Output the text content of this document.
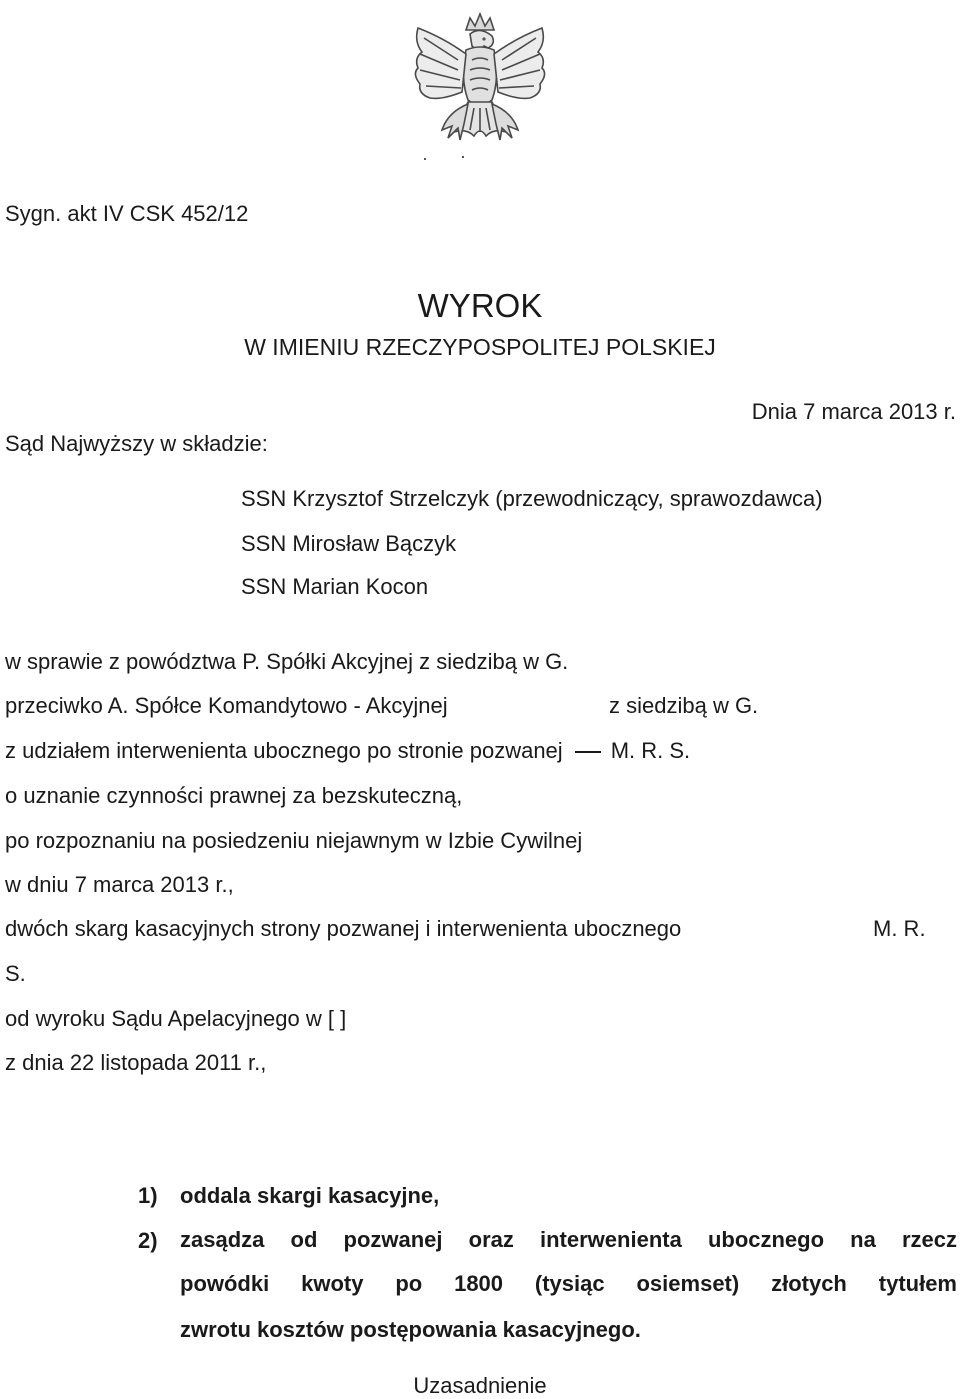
Sygn. akt IV CSK 452/12
WYROK
W IMIENIU RZECZYPOSPOLITEJ POLSKIEJ
Dnia 7 marca 2013 r.
Sąd Najwyższy w składzie:
SSN Krzysztof Strzelczyk (przewodniczący, sprawozdawca)
SSN Mirosław Bączyk
SSN Marian Kocon
w sprawie z powództwa P. Spółki Akcyjnej z siedzibą w G.
przeciwko A. Spółce Komandytowo - Akcyjnej	z siedzibą w G.
z udziałem interwenienta ubocznego po stronie pozwanej M. R. S.
o uznanie czynności prawnej za bezskuteczną,
po rozpoznaniu na posiedzeniu niejawnym w Izbie Cywilnej
w dniu 7 marca 2013 r.,
dwóch skarg kasacyjnych strony pozwanej i interwenienta ubocznego	M. R.
S.
od wyroku Sądu Apelacyjnego w [ ]
z dnia 22 listopada 2011 r.,
1) oddala skargi kasacyjne,
2) zasądza od pozwanej oraz interwenienta ubocznego na rzecz
powódki kwoty po 1800 (tysiąc osiemset) złotych tytułem
zwrotu kosztów postępowania kasacyjnego.
Uzasadnienie
